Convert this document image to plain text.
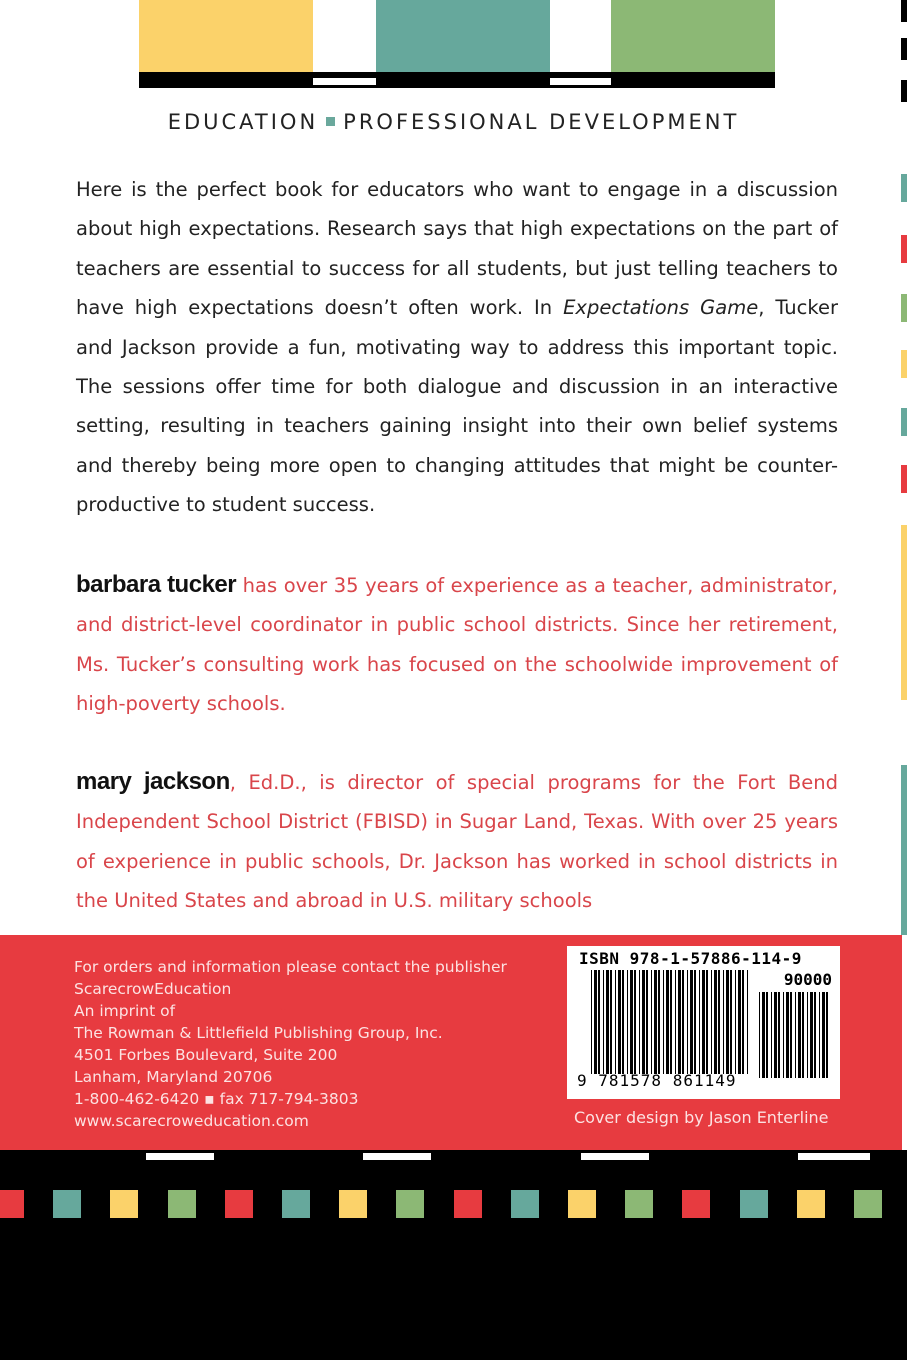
EDUCATION PROFESSIONAL DEVELOPMENT
Here is the perfect book for educators who want to engage in a discussion about high expectations. Research says that high expectations on the part of teachers are essential to success for all students, but just telling teachers to have high expectations doesn’t often work. In Expectations Game, Tucker and Jackson provide a fun, motivating way to address this important topic. The sessions offer time for both dialogue and discussion in an interactive setting, resulting in teachers gaining insight into their own belief systems and thereby being more open to changing attitudes that might be counter-productive to student success.
barbara tucker has over 35 years of experience as a teacher, administrator, and district-level coordinator in public school districts. Since her retirement, Ms. Tucker’s consulting work has focused on the schoolwide improvement of high-poverty schools.
mary jackson, Ed.D., is director of special programs for the Fort Bend Independent School District (FBISD) in Sugar Land, Texas. With over 25 years of experience in public schools, Dr. Jackson has worked in school districts in the United States and abroad in U.S. military schools
For orders and information please contact the publisher
ScarecrowEducation
An imprint of
The Rowman & Littlefield Publishing Group, Inc.
4501 Forbes Boulevard, Suite 200
Lanham, Maryland 20706
1-800-462-6420 ▪ fax 717-794-3803
www.scarecroweducation.com
ISBN 978-1-57886-114-9
90000
9 781578 861149
Cover design by Jason Enterline
